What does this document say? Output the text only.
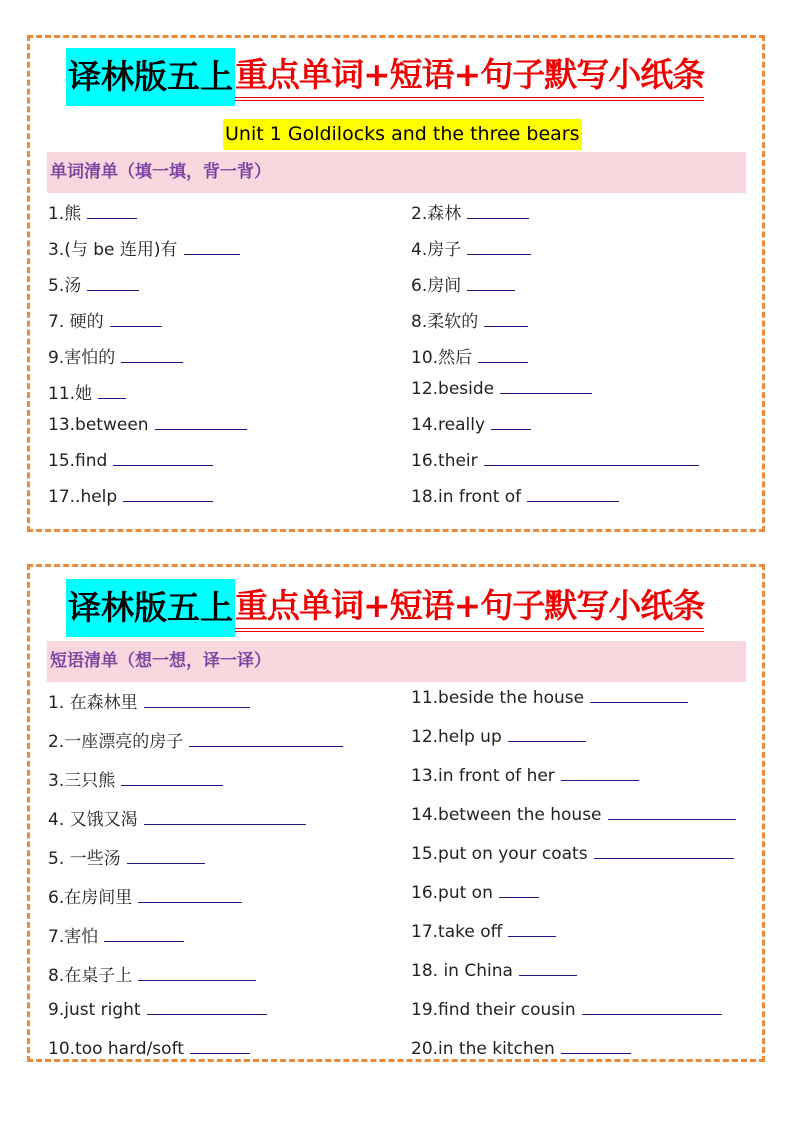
译林版五上 重点单词+短语+句子默写小纸条
Unit 1 Goldilocks and the three bears
单词清单（填一填，背一背）
1.熊
3.(与 be 连用)有
5.汤
7. 硬的
9.害怕的
11.她
13.between
15.find
17..help
2.森林
4.房子
6.房间
8.柔软的
10.然后
12.beside
14.really
16.their
18.in front of
译林版五上 重点单词+短语+句子默写小纸条
短语清单（想一想，译一译）
1. 在森林里
2.一座漂亮的房子
3.三只熊
4. 又饿又渴
5. 一些汤
6.在房间里
7.害怕
8.在桌子上
9.just right
10.too hard/soft
11.beside the house
12.help up
13.in front of her
14.between the house
15.put on your coats
16.put on
17.take off
18. in China
19.find their cousin
20.in the kitchen
